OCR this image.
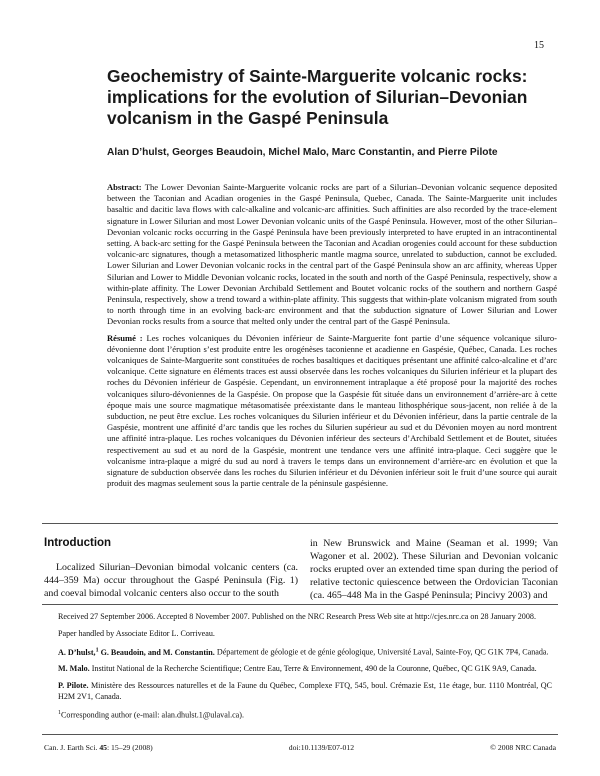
15
Geochemistry of Sainte-Marguerite volcanic rocks: implications for the evolution of Silurian–Devonian volcanism in the Gaspé Peninsula
Alan D’hulst, Georges Beaudoin, Michel Malo, Marc Constantin, and Pierre Pilote

Abstract: The Lower Devonian Sainte-Marguerite volcanic rocks are part of a Silurian–Devonian volcanic sequence deposited between the Taconian and Acadian orogenies in the Gaspé Peninsula, Quebec, Canada. The Sainte-Marguerite unit includes basaltic and dacitic lava flows with calc-alkaline and volcanic-arc affinities. Such affinities are also recorded by the trace-element signature in Lower Silurian and most Lower Devonian volcanic units of the Gaspé Peninsula. However, most of the other Silurian–Devonian volcanic rocks occurring in the Gaspé Peninsula have been previously interpreted to have erupted in an intracontinental setting. A back-arc setting for the Gaspé Peninsula between the Taconian and Acadian orogenies could account for these subduction volcanic-arc signatures, though a metasomatized lithospheric mantle magma source, unrelated to subduction, cannot be excluded. Lower Silurian and Lower Devonian volcanic rocks in the central part of the Gaspé Peninsula show an arc affinity, whereas Upper Silurian and Lower to Middle Devonian volcanic rocks, located in the south and north of the Gaspé Peninsula, respectively, show a within-plate affinity. The Lower Devonian Archibald Settlement and Boutet volcanic rocks of the southern and northern Gaspé Peninsula, respectively, show a trend toward a within-plate affinity. This suggests that within-plate volcanism migrated from south to north through time in an evolving back-arc environment and that the subduction signature of Lower Silurian and Lower Devonian rocks results from a source that melted only under the central part of the Gaspé Peninsula.

Résumé : Les roches volcaniques du Dévonien inférieur de Sainte-Marguerite font partie d’une séquence volcanique siluro-dévonienne dont l’éruption s’est produite entre les orogénèses taconienne et acadienne en Gaspésie, Québec, Canada. Les roches volcaniques de Sainte-Marguerite sont constituées de roches basaltiques et dacitiques présentant une affinité calco-alcaline et d’arc volcanique. Cette signature en éléments traces est aussi observée dans les roches volcaniques du Silurien inférieur et la plupart des roches du Dévonien inférieur de Gaspésie. Cependant, un environnement intraplaque a été proposé pour la majorité des roches volcaniques siluro-dévoniennes de la Gaspésie. On propose que la Gaspésie fût située dans un environnement d’arrière-arc à cette époque mais une source magmatique métasomatisée préexistante dans le manteau lithosphérique sous-jacent, non reliée à de la subduction, ne peut être exclue. Les roches volcaniques du Silurien inférieur et du Dévonien inférieur, dans la partie centrale de la Gaspésie, montrent une affinité d’arc tandis que les roches du Silurien supérieur au sud et du Dévonien moyen au nord montrent une affinité intra-plaque. Les roches volcaniques du Dévonien inférieur des secteurs d’Archibald Settlement et de Boutet, situées respectivement au sud et au nord de la Gaspésie, montrent une tendance vers une affinité intra-plaque. Ceci suggère que le volcanisme intra-plaque a migré du sud au nord à travers le temps dans un environnement d’arrière-arc en évolution et que la signature de subduction observée dans les roches du Silurien inférieur et du Dévonien inférieur soit le fruit d’une source qui aurait produit des magmas seulement sous la partie centrale de la péninsule gaspésienne.

Introduction

Localized Silurian–Devonian bimodal volcanic centers (ca. 444–359 Ma) occur throughout the Gaspé Peninsula (Fig. 1) and coeval bimodal volcanic centers also occur to the south

in New Brunswick and Maine (Seaman et al. 1999; Van Wagoner et al. 2002). These Silurian and Devonian volcanic rocks erupted over an extended time span during the period of relative tectonic quiescence between the Ordovician Taconian (ca. 465–448 Ma in the Gaspé Peninsula; Pincivy 2003) and

Received 27 September 2006. Accepted 8 November 2007. Published on the NRC Research Press Web site at http://cjes.nrc.ca on 28 January 2008.

Paper handled by Associate Editor L. Corriveau.

A. D’hulst,$^1$ G. Beaudoin, and M. Constantin. Département de géologie et de génie géologique, Université Laval, Sainte-Foy, QC G1K 7P4, Canada.

M. Malo. Institut National de la Recherche Scientifique; Centre Eau, Terre & Environnement, 490 de la Couronne, Québec, QC G1K 9A9, Canada.

P. Pilote. Ministère des Ressources naturelles et de la Faune du Québec, Complexe FTQ, 545, boul. Crémazie Est, 11e étage, bur. 1110 Montréal, QC H2M 2V1, Canada.

$^1$Corresponding author (e-mail: alan.dhulst.1@ulaval.ca).

Can. J. Earth Sci. 45: 15–29 (2008)	doi:10.1139/E07-012	© 2008 NRC Canada
